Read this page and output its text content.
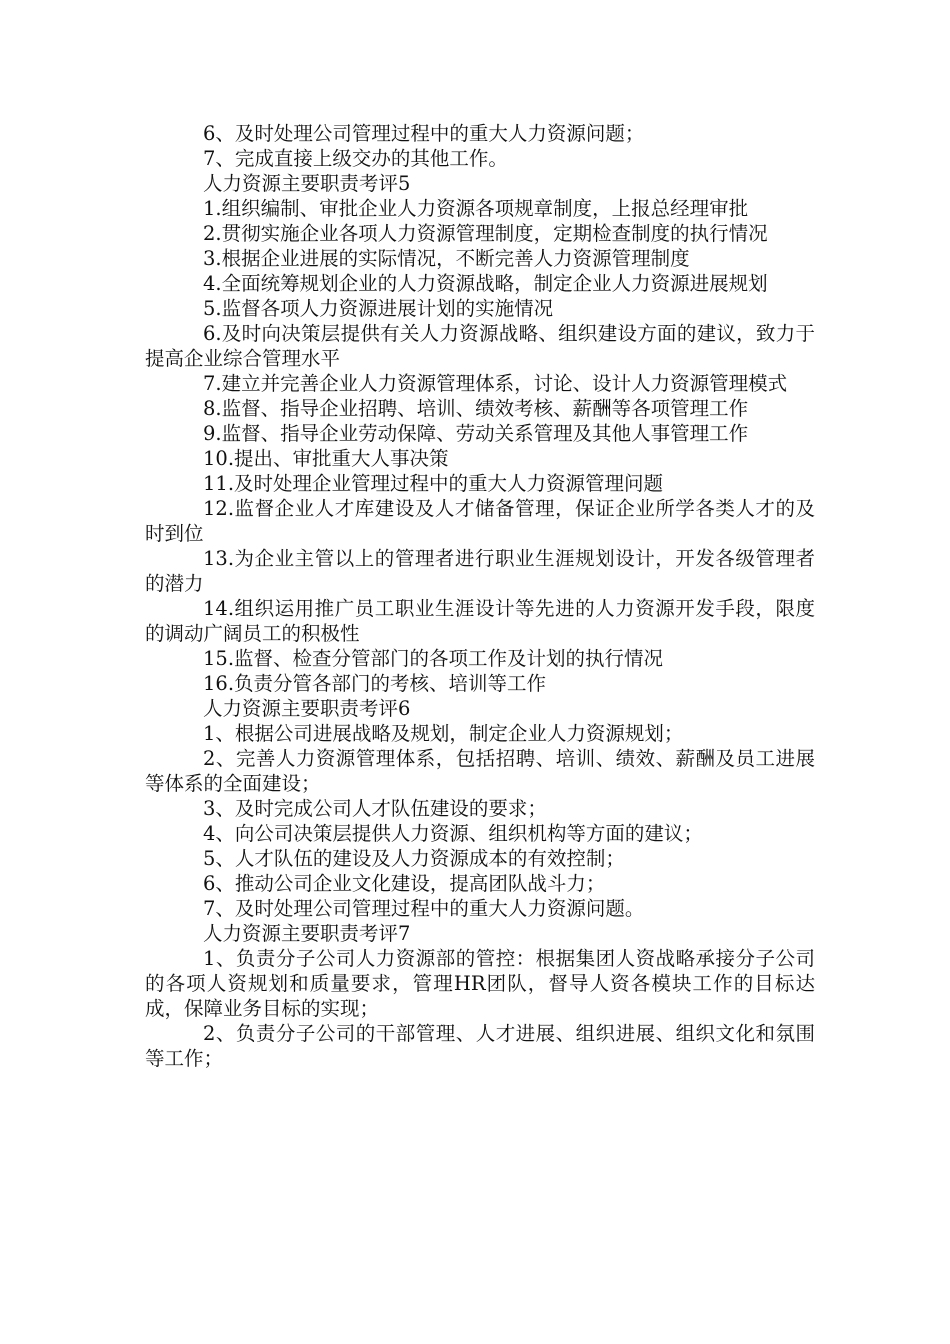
6、及时处理公司管理过程中的重大人力资源问题；

7、完成直接上级交办的其他工作。

人力资源主要职责考评5

1.组织编制、审批企业人力资源各项规章制度，上报总经理审批

2.贯彻实施企业各项人力资源管理制度，定期检查制度的执行情况

3.根据企业进展的实际情况，不断完善人力资源管理制度

4.全面统筹规划企业的人力资源战略，制定企业人力资源进展规划

5.监督各项人力资源进展计划的实施情况

6.及时向决策层提供有关人力资源战略、组织建设方面的建议，致力于提高企业综合管理水平

7.建立并完善企业人力资源管理体系，讨论、设计人力资源管理模式

8.监督、指导企业招聘、培训、绩效考核、薪酬等各项管理工作

9.监督、指导企业劳动保障、劳动关系管理及其他人事管理工作

10.提出、审批重大人事决策

11.及时处理企业管理过程中的重大人力资源管理问题

12.监督企业人才库建设及人才储备管理，保证企业所学各类人才的及时到位

13.为企业主管以上的管理者进行职业生涯规划设计，开发各级管理者的潜力

14.组织运用推广员工职业生涯设计等先进的人力资源开发手段，限度的调动广阔员工的积极性

15.监督、检查分管部门的各项工作及计划的执行情况

16.负责分管各部门的考核、培训等工作

人力资源主要职责考评6

1、根据公司进展战略及规划，制定企业人力资源规划；

2、完善人力资源管理体系，包括招聘、培训、绩效、薪酬及员工进展等体系的全面建设；

3、及时完成公司人才队伍建设的要求；

4、向公司决策层提供人力资源、组织机构等方面的建议；

5、人才队伍的建设及人力资源成本的有效控制；

6、推动公司企业文化建设，提高团队战斗力；

7、及时处理公司管理过程中的重大人力资源问题。

人力资源主要职责考评7

1、负责分子公司人力资源部的管控：根据集团人资战略承接分子公司的各项人资规划和质量要求，管理HR团队，督导人资各模块工作的目标达成，保障业务目标的实现；

2、负责分子公司的干部管理、人才进展、组织进展、组织文化和氛围等工作；
